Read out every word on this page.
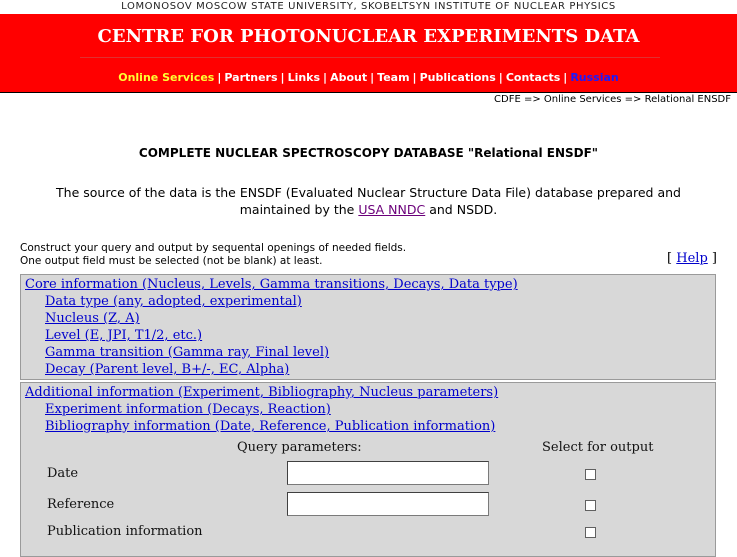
LOMONOSOV MOSCOW STATE UNIVERSITY, SKOBELTSYN INSTITUTE OF NUCLEAR PHYSICS
CENTRE FOR PHOTONUCLEAR EXPERIMENTS DATA
Online Services | Partners | Links | About | Team | Publications | Contacts | Russian
CDFE => Online Services => Relational ENSDF
COMPLETE NUCLEAR SPECTROSCOPY DATABASE "Relational ENSDF"
The source of the data is the ENSDF (Evaluated Nuclear Structure Data File) database prepared and maintained by the USA NNDC and NSDD.
Construct your query and output by sequental openings of needed fields.
One output field must be selected (not be blank) at least.	[ Help ]
Core information (Nucleus, Levels, Gamma transitions, Decays, Data type)
Data type (any, adopted, experimental)
Nucleus (Z, A)
Level (E, JPI, T1/2, etc.)
Gamma transition (Gamma ray, Final level)
Decay (Parent level, B+/-, EC, Alpha)
Additional information (Experiment, Bibliography, Nucleus parameters)
Experiment information (Decays, Reaction)
Bibliography information (Date, Reference, Publication information)
Query parameters:	Select for output
Date
Reference
Publication information
